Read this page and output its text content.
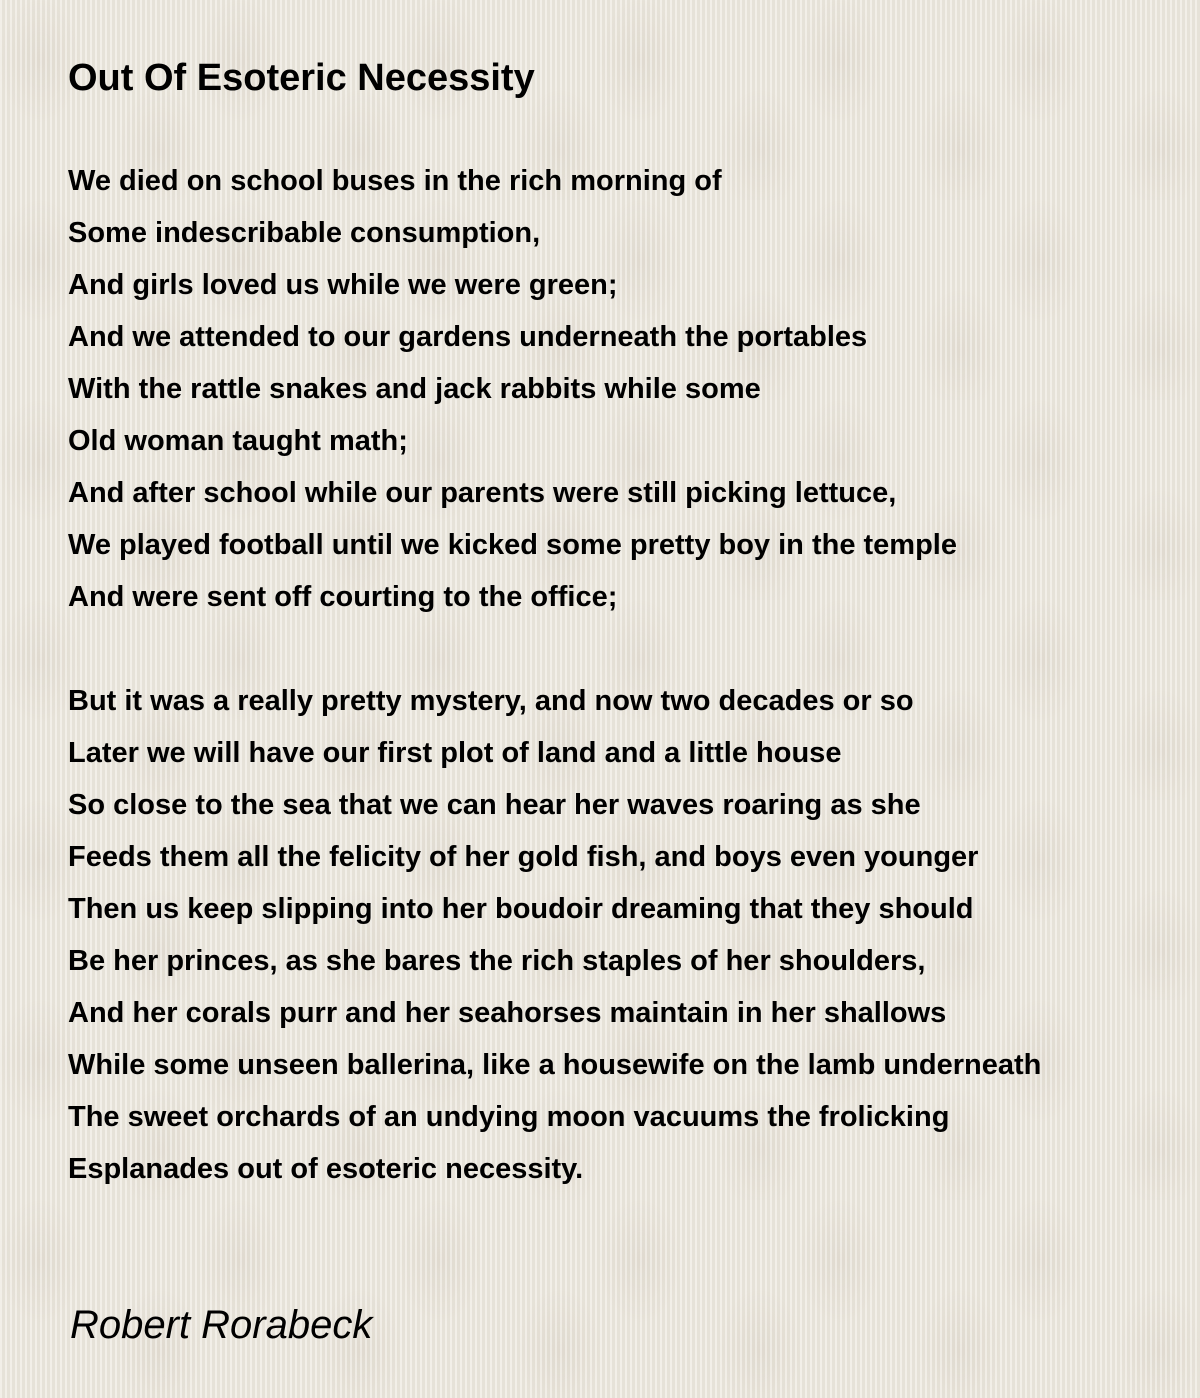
Out Of Esoteric Necessity
We died on school buses in the rich morning of
Some indescribable consumption,
And girls loved us while we were green;
And we attended to our gardens underneath the portables
With the rattle snakes and jack rabbits while some
Old woman taught math;
And after school while our parents were still picking lettuce,
We played football until we kicked some pretty boy in the temple
And were sent off courting to the office;
But it was a really pretty mystery, and now two decades or so
Later we will have our first plot of land and a little house
So close to the sea that we can hear her waves roaring as she
Feeds them all the felicity of her gold fish, and boys even younger
Then us keep slipping into her boudoir dreaming that they should
Be her princes, as she bares the rich staples of her shoulders,
And her corals purr and her seahorses maintain in her shallows
While some unseen ballerina, like a housewife on the lamb underneath
The sweet orchards of an undying moon vacuums the frolicking
Esplanades out of esoteric necessity.

Robert Rorabeck
